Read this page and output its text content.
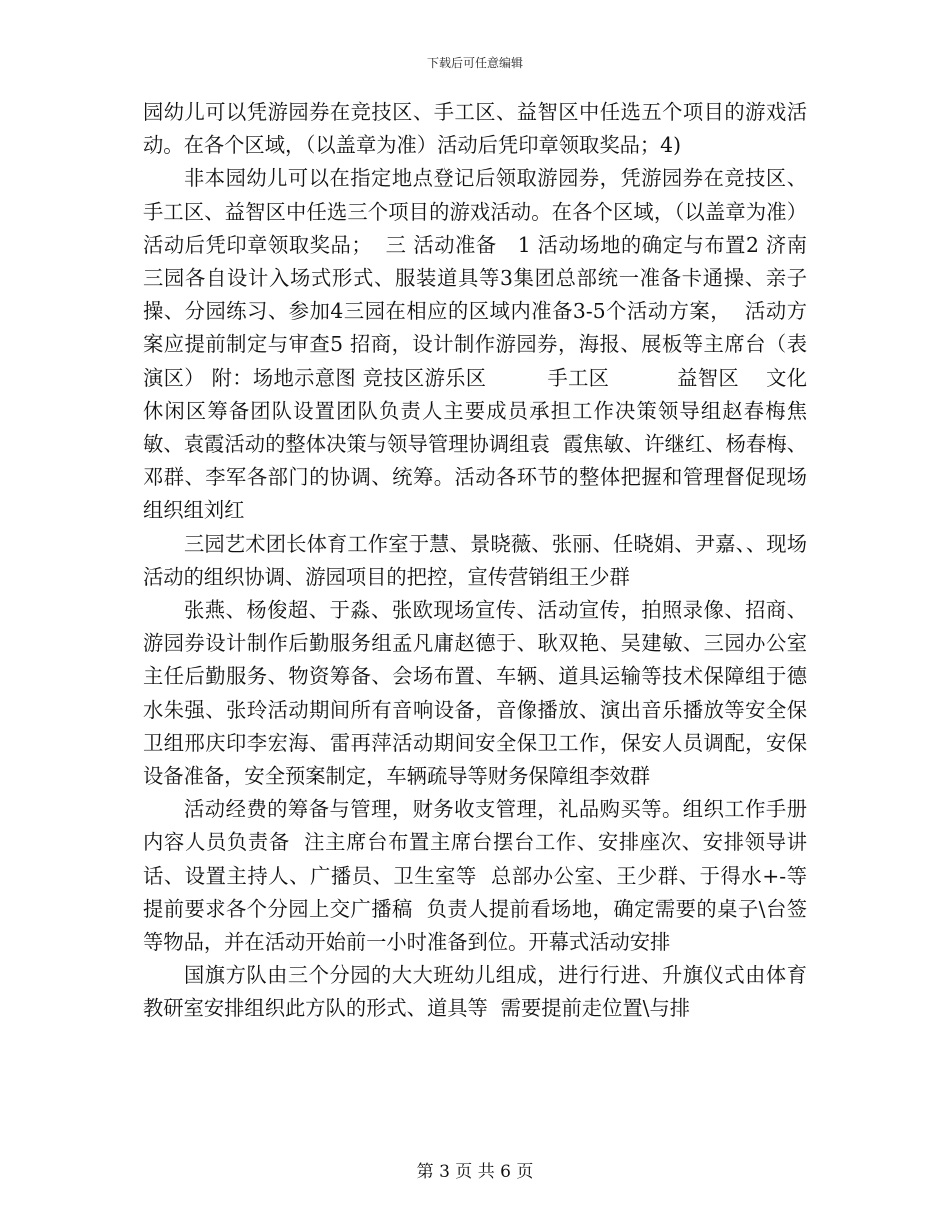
下载后可任意编辑

园幼儿可以凭游园券在竞技区、手工区、益智区中任选五个项目的游戏活动。在各个区域，（以盖章为准）活动后凭印章领取奖品；4)

非本园幼儿可以在指定地点登记后领取游园券，凭游园券在竞技区、手工区、益智区中任选三个项目的游戏活动。在各个区域，（以盖章为准）活动后凭印章领取奖品；  三 活动准备   1 活动场地的确定与布置2 济南三园各自设计入场式形式、服装道具等3集团总部统一准备卡通操、亲子操、分园练习、参加4三园在相应的区域内准备3-5个活动方案，  活动方案应提前制定与审查5 招商，设计制作游园券，海报、展板等主席台（表演区） 附：场地示意图 竞技区游乐区         手工区          益智区    文化休闲区筹备团队设置团队负责人主要成员承担工作决策领导组赵春梅焦敏、袁霞活动的整体决策与领导管理协调组袁  霞焦敏、许继红、杨春梅、邓群、李军各部门的协调、统筹。活动各环节的整体把握和管理督促现场组织组刘红

三园艺术团长体育工作室于慧、景晓薇、张丽、任晓娟、尹嘉、、现场活动的组织协调、游园项目的把控，宣传营销组王少群

张燕、杨俊超、于淼、张欧现场宣传、活动宣传，拍照录像、招商、游园券设计制作后勤服务组孟凡庸赵德于、耿双艳、吴建敏、三园办公室主任后勤服务、物资筹备、会场布置、车辆、道具运输等技术保障组于德水朱强、张玲活动期间所有音响设备，音像播放、演出音乐播放等安全保卫组邢庆印李宏海、雷再萍活动期间安全保卫工作，保安人员调配，安保设备准备，安全预案制定，车辆疏导等财务保障组李效群

活动经费的筹备与管理，财务收支管理，礼品购买等。组织工作手册内容人员负责备  注主席台布置主席台摆台工作、安排座次、安排领导讲话、设置主持人、广播员、卫生室等  总部办公室、王少群、于得水+-等    提前要求各个分园上交广播稿  负责人提前看场地，确定需要的桌子\台签等物品，并在活动开始前一小时准备到位。开幕式活动安排

国旗方队由三个分园的大大班幼儿组成，进行行进、升旗仪式由体育教研室安排组织此方队的形式、道具等  需要提前走位置\与排

第 3 页 共 6 页
